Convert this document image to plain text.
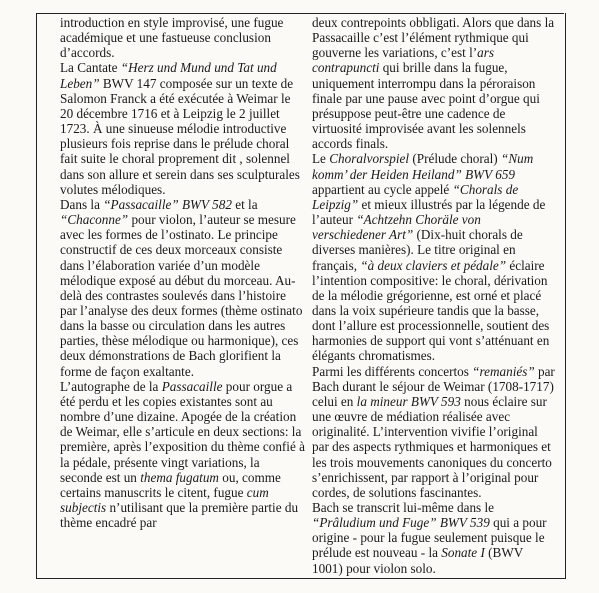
introduction en style improvisé, une fugue académique et une fastueuse conclusion d’accords.

La Cantate “Herz und Mund und Tat und Leben” BWV 147 composée sur un texte de Salomon Franck a été exécutée à Weimar le 20 décembre 1716 et à Leipzig le 2 juillet 1723. À une sinueuse mélodie introductive plusieurs fois reprise dans le prélude choral fait suite le choral proprement dit , solennel dans son allure et serein dans ses sculpturales volutes mélodiques.

Dans la “Passacaille” BWV 582 et la “Chaconne” pour violon, l’auteur se mesure avec les formes de l’ostinato. Le principe constructif de ces deux morceaux consiste dans l’élaboration variée d’un modèle mélodique exposé au début du morceau. Au-delà des contrastes soulevés dans l’histoire par l’analyse des deux formes (thème ostinato dans la basse ou circulation dans les autres parties, thèse mélodique ou harmonique), ces deux démonstrations de Bach glorifient la forme de façon exaltante.

L’autographe de la Passacaille pour orgue a été perdu et les copies existantes sont au nombre d’une dizaine. Apogée de la création de Weimar, elle s’articule en deux sections: la première, après l’exposition du thème confié à la pédale, présente vingt variations, la seconde est un thema fugatum ou, comme certains manuscrits le citent, fugue cum subjectis n’utilisant que la première partie du thème encadré par

deux contrepoints obbligati. Alors que dans la Passacaille c’est l’élément rythmique qui gouverne les variations, c’est l’ars contrapuncti qui brille dans la fugue, uniquement interrompu dans la péroraison finale par une pause avec point d’orgue qui présuppose peut-être une cadence de virtuosité improvisée avant les solennels accords finals.

Le Choralvorspiel (Prélude choral) “Num komm’ der Heiden Heiland” BWV 659 appartient au cycle appelé “Chorals de Leipzig” et mieux illustrés par la légende de l’auteur “Achtzehn Choräle von verschiedener Art” (Dix-huit chorals de diverses manières). Le titre original en français, “à deux claviers et pédale” éclaire l’intention compositive: le choral, dérivation de la mélodie grégorienne, est orné et placé dans la voix supérieure tandis que la basse, dont l’allure est processionnelle, soutient des harmonies de support qui vont s’atténuant en élégants chromatismes.

Parmi les différents concertos “remaniés” par Bach durant le séjour de Weimar (1708-1717) celui en la mineur BWV 593 nous éclaire sur une œuvre de médiation réalisée avec originalité. L’intervention vivifie l’original par des aspects rythmiques et harmoniques et les trois mouvements canoniques du concerto s’enrichissent, par rapport à l’original pour cordes, de solutions fascinantes.

Bach se transcrit lui-même dans le “Prâludium und Fuge” BWV 539 qui a pour origine - pour la fugue seulement puisque le prélude est nouveau - la Sonate I (BWV 1001) pour violon solo.
